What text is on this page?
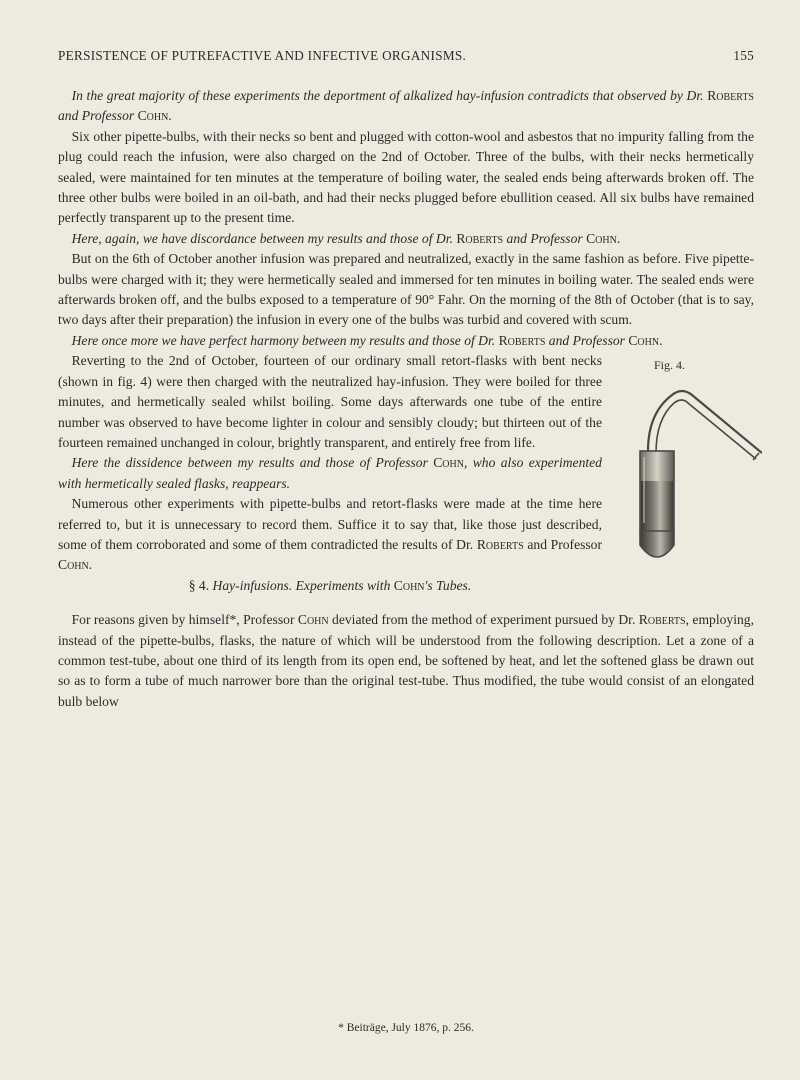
PERSISTENCE OF PUTREFACTIVE AND INFECTIVE ORGANISMS.	155

 In the great majority of these experiments the deportment of alkalized hay-infusion contradicts that observed by Dr. Roberts and Professor Cohn.

 Six other pipette-bulbs, with their necks so bent and plugged with cotton-wool and asbestos that no impurity falling from the plug could reach the infusion, were also charged on the 2nd of October. Three of the bulbs, with their necks hermetically sealed, were maintained for ten minutes at the temperature of boiling water, the sealed ends being afterwards broken off. The three other bulbs were boiled in an oil-bath, and had their necks plugged before ebullition ceased. All six bulbs have remained perfectly transparent up to the present time.

 Here, again, we have discordance between my results and those of Dr. Roberts and Professor Cohn.

 But on the 6th of October another infusion was prepared and neutralized, exactly in the same fashion as before. Five pipette-bulbs were charged with it; they were hermetically sealed and immersed for ten minutes in boiling water. The sealed ends were afterwards broken off, and the bulbs exposed to a temperature of 90° Fahr. On the morning of the 8th of October (that is to say, two days after their preparation) the infusion in every one of the bulbs was turbid and covered with scum.

 Here once more we have perfect harmony between my results and those of Dr. Roberts and Professor Cohn.

Fig. 4.

 Reverting to the 2nd of October, fourteen of our ordinary small retort-flasks with bent necks (shown in fig. 4) were then charged with the neutralized hay-infusion. They were boiled for three minutes, and hermetically sealed whilst boiling. Some days afterwards one tube of the entire number was observed to have become lighter in colour and sensibly cloudy; but thirteen out of the fourteen remained unchanged in colour, brightly transparent, and entirely free from life.

 Here the dissidence between my results and those of Professor Cohn, who also experimented with hermetically sealed flasks, reappears.

 Numerous other experiments with pipette-bulbs and retort-flasks were made at the time here referred to, but it is unnecessary to record them. Suffice it to say that, like those just described, some of them corroborated and some of them contradicted the results of Dr. Roberts and Professor Cohn.

§ 4. Hay-infusions. Experiments with Cohn's Tubes.

 For reasons given by himself*, Professor Cohn deviated from the method of experiment pursued by Dr. Roberts, employing, instead of the pipette-bulbs, flasks, the nature of which will be understood from the following description. Let a zone of a common test-tube, about one third of its length from its open end, be softened by heat, and let the softened glass be drawn out so as to form a tube of much narrower bore than the original test-tube. Thus modified, the tube would consist of an elongated bulb below

* Beiträge, July 1876, p. 256.
